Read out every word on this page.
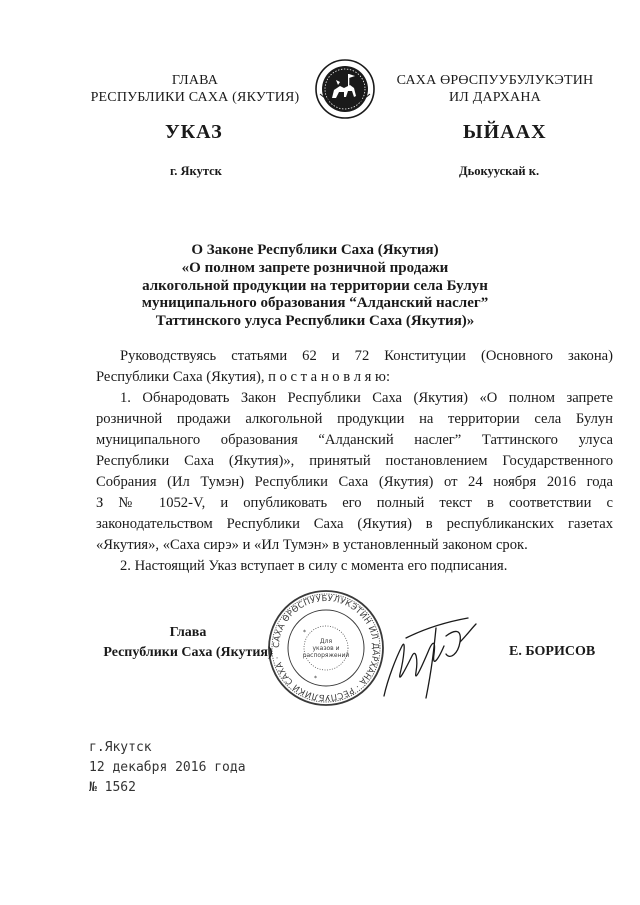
ГЛАВА
РЕСПУБЛИКИ САХА (ЯКУТИЯ)
САХА ӨРӨСПУУБУЛУКЭТИН
ИЛ ДАРХАНА
УКАЗ	ЫЙААХ
г. Якутск	Дьокуускай к.
О Законе Республики Саха (Якутия)
«О полном запрете розничной продажи
алкогольной продукции на территории села Булун
муниципального образования “Алданский наслег”
Таттинского улуса Республики Саха (Якутия)»
Руководствуясь статьями 62 и 72 Конституции (Основного закона)
Республики Саха (Якутия), п о с т а н о в л я ю:
1. Обнародовать Закон Республики Саха (Якутия) «О полном запрете
розничной продажи алкогольной продукции на территории села Булун
муниципального образования “Алданский наслег” Таттинского улуса
Республики Саха (Якутия)», принятый постановлением Государственного
Собрания (Ил Тумэн) Республики Саха (Якутия) от 24 ноября 2016 года
З № 1052-V, и опубликовать его полный текст в соответствии с
законодательством Республики Саха (Якутия) в республиканских газетах
«Якутия», «Саха сирэ» и «Ил Тумэн» в установленный законом срок.
2. Настоящий Указ вступает в силу с момента его подписания.
САХА ӨРӨСПУУБУЛУКЭТИН ИЛ ДАРХАНА · РЕСПУБЛИКИ САХА ·
Для
указов и
распоряжений
*
*
Глава
Республики Саха (Якутия)	Е. БОРИСОВ
г.Якутск
12 декабря 2016 года
№ 1562
